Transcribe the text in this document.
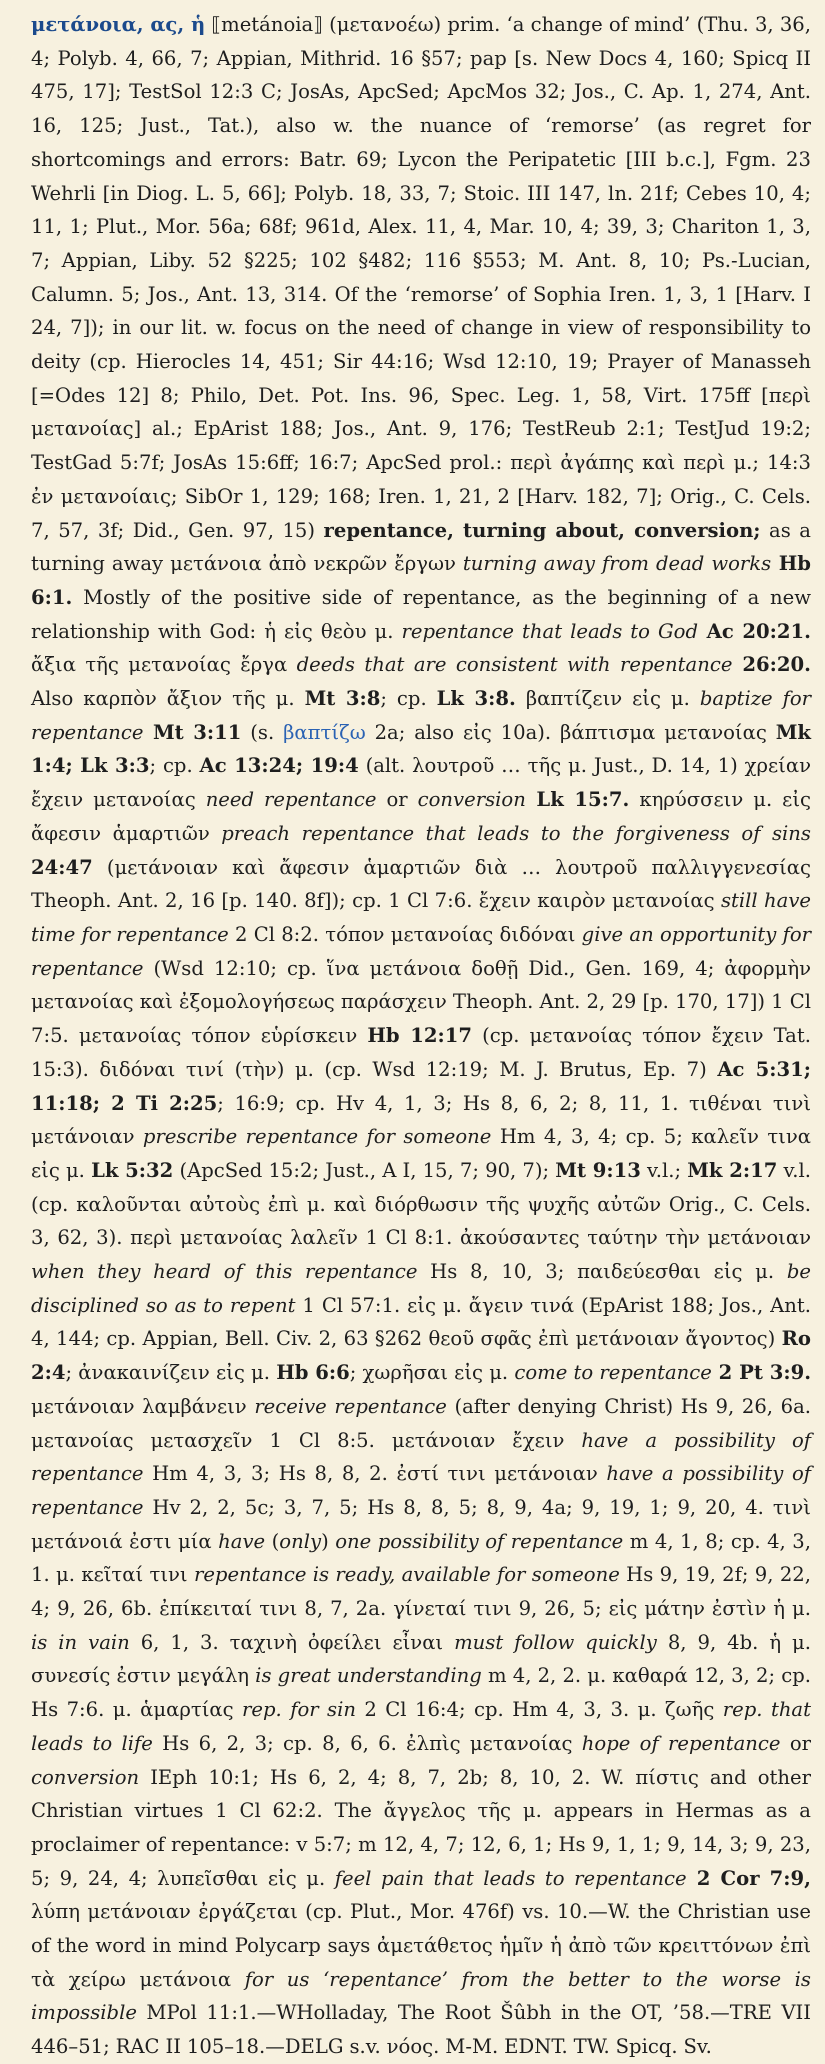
μετάνοια, ας, ἡ ⟦metánoia⟧ (μετανοέω) prim. ‘a change of mind’ (Thu. 3, 36, 4; Polyb. 4, 66, 7; Appian, Mithrid. 16 §57; pap [s. New Docs 4, 160; Spicq II 475, 17]; TestSol 12:3 C; JosAs, ApcSed; ApcMos 32; Jos., C. Ap. 1, 274, Ant. 16, 125; Just., Tat.), also w. the nuance of ‘remorse’ (as regret for shortcomings and errors: Batr. 69; Lycon the Peripatetic [III b.c.], Fgm. 23 Wehrli [in Diog. L. 5, 66]; Polyb. 18, 33, 7; Stoic. III 147, ln. 21f; Cebes 10, 4; 11, 1; Plut., Mor. 56a; 68f; 961d, Alex. 11, 4, Mar. 10, 4; 39, 3; Chariton 1, 3, 7; Appian, Liby. 52 §225; 102 §482; 116 §553; M. Ant. 8, 10; Ps.-Lucian, Calumn. 5; Jos., Ant. 13, 314. Of the ‘remorse’ of Sophia Iren. 1, 3, 1 [Harv. I 24, 7]); in our lit. w. focus on the need of change in view of responsibility to deity (cp. Hierocles 14, 451; Sir 44:16; Wsd 12:10, 19; Prayer of Manasseh [=Odes 12] 8; Philo, Det. Pot. Ins. 96, Spec. Leg. 1, 58, Virt. 175ff [περὶ μετανοίας] al.; EpArist 188; Jos., Ant. 9, 176; TestReub 2:1; TestJud 19:2; TestGad 5:7f; JosAs 15:6ff; 16:7; ApcSed prol.: περὶ ἀγάπης καὶ περὶ μ.; 14:3 ἐν μετανοίαις; SibOr 1, 129; 168; Iren. 1, 21, 2 [Harv. 182, 7]; Orig., C. Cels. 7, 57, 3f; Did., Gen. 97, 15) repentance, turning about, conversion; as a turning away μετάνοια ἀπὸ νεκρῶν ἔργων turning away from dead works Hb 6:1. Mostly of the positive side of repentance, as the beginning of a new relationship with God: ἡ εἰς θεὸυ μ. repentance that leads to God Ac 20:21. ἄξια τῆς μετανοίας ἔργα deeds that are consistent with repentance 26:20. Also καρπὸν ἄξιον τῆς μ. Mt 3:8; cp. Lk 3:8. βαπτίζειν εἰς μ. baptize for repentance Mt 3:11 (s. βαπτίζω 2a; also εἰς 10a). βάπτισμα μετανοίας Mk 1:4; Lk 3:3; cp. Ac 13:24; 19:4 (alt. λουτροῦ … τῆς μ. Just., D. 14, 1) χρείαν ἔχειν μετανοίας need repentance or conversion Lk 15:7. κηρύσσειν μ. εἰς ἄφεσιν ἁμαρτιῶν preach repentance that leads to the forgiveness of sins 24:47 (μετάνοιαν καὶ ἄφεσιν ἁμαρτιῶν διὰ … λουτροῦ παλλιγγενεσίας Theoph. Ant. 2, 16 [p. 140. 8f]); cp. 1 Cl 7:6. ἔχειν καιρὸν μετανοίας still have time for repentance 2 Cl 8:2. τόπον μετανοίας διδόναι give an opportunity for repentance (Wsd 12:10; cp. ἵνα μετάνοια δοθῇ Did., Gen. 169, 4; ἀφορμὴν μετανοίας καὶ ἐξομολογήσεως παράσχειν Theoph. Ant. 2, 29 [p. 170, 17]) 1 Cl 7:5. μετανοίας τόπον εὑρίσκειν Hb 12:17 (cp. μετανοίας τόπον ἔχειν Tat. 15:3). διδόναι τινί (τὴν) μ. (cp. Wsd 12:19; M. J. Brutus, Ep. 7) Ac 5:31; 11:18; 2 Ti 2:25; 16:9; cp. Hv 4, 1, 3; Hs 8, 6, 2; 8, 11, 1. τιθέναι τινὶ μετάνοιαν prescribe repentance for someone Hm 4, 3, 4; cp. 5; καλεῖν τινα εἰς μ. Lk 5:32 (ApcSed 15:2; Just., A I, 15, 7; 90, 7); Mt 9:13 v.l.; Mk 2:17 v.l. (cp. καλοῦνται αὐτοὺς ἐπὶ μ. καὶ διόρθωσιν τῆς ψυχῆς αὐτῶν Orig., C. Cels. 3, 62, 3). περὶ μετανοίας λαλεῖν 1 Cl 8:1. ἀκούσαντες ταύτην τὴν μετάνοιαν when they heard of this repentance Hs 8, 10, 3; παιδεύεσθαι εἰς μ. be disciplined so as to repent 1 Cl 57:1. εἰς μ. ἄγειν τινά (EpArist 188; Jos., Ant. 4, 144; cp. Appian, Bell. Civ. 2, 63 §262 θεοῦ σφᾶς ἐπὶ μετάνοιαν ἄγοντος) Ro 2:4; ἀνακαινίζειν εἰς μ. Hb 6:6; χωρῆσαι εἰς μ. come to repentance 2 Pt 3:9. μετάνοιαν λαμβάνειν receive repentance (after denying Christ) Hs 9, 26, 6a. μετανοίας μετασχεῖν 1 Cl 8:5. μετάνοιαν ἔχειν have a possibility of repentance Hm 4, 3, 3; Hs 8, 8, 2. ἐστί τινι μετάνοιαν have a possibility of repentance Hv 2, 2, 5c; 3, 7, 5; Hs 8, 8, 5; 8, 9, 4a; 9, 19, 1; 9, 20, 4. τινὶ μετάνοιά ἐστι μία have (only) one possibility of repentance m 4, 1, 8; cp. 4, 3, 1. μ. κεῖταί τινι repentance is ready, available for someone Hs 9, 19, 2f; 9, 22, 4; 9, 26, 6b. ἐπίκειταί τινι 8, 7, 2a. γίνεταί τινι 9, 26, 5; εἰς μάτην ἐστὶν ἡ μ. is in vain 6, 1, 3. ταχινὴ ὀφείλει εἶναι must follow quickly 8, 9, 4b. ἡ μ. συνεσίς ἐστιν μεγάλη is great understanding m 4, 2, 2. μ. καθαρά 12, 3, 2; cp. Hs 7:6. μ. ἁμαρτίας rep. for sin 2 Cl 16:4; cp. Hm 4, 3, 3. μ. ζωῆς rep. that leads to life Hs 6, 2, 3; cp. 8, 6, 6. ἐλπὶς μετανοίας hope of repentance or conversion IEph 10:1; Hs 6, 2, 4; 8, 7, 2b; 8, 10, 2. W. πίστις and other Christian virtues 1 Cl 62:2. The ἄγγελος τῆς μ. appears in Hermas as a proclaimer of repentance: v 5:7; m 12, 4, 7; 12, 6, 1; Hs 9, 1, 1; 9, 14, 3; 9, 23, 5; 9, 24, 4; λυπεῖσθαι εἰς μ. feel pain that leads to repentance 2 Cor 7:9, λύπη μετάνοιαν ἐργάζεται (cp. Plut., Mor. 476f) vs. 10.—W. the Christian use of the word in mind Polycarp says ἀμετάθετος ἡμῖν ἡ ἀπὸ τῶν κρειττόνων ἐπὶ τὰ χείρω μετάνοια for us ‘repentance’ from the better to the worse is impossible MPol 11:1.—WHolladay, The Root Šûbh in the OT, ’58.—TRE VII 446–51; RAC II 105–18.—DELG s.v. νόος. M-M. EDNT. TW. Spicq. Sv.
